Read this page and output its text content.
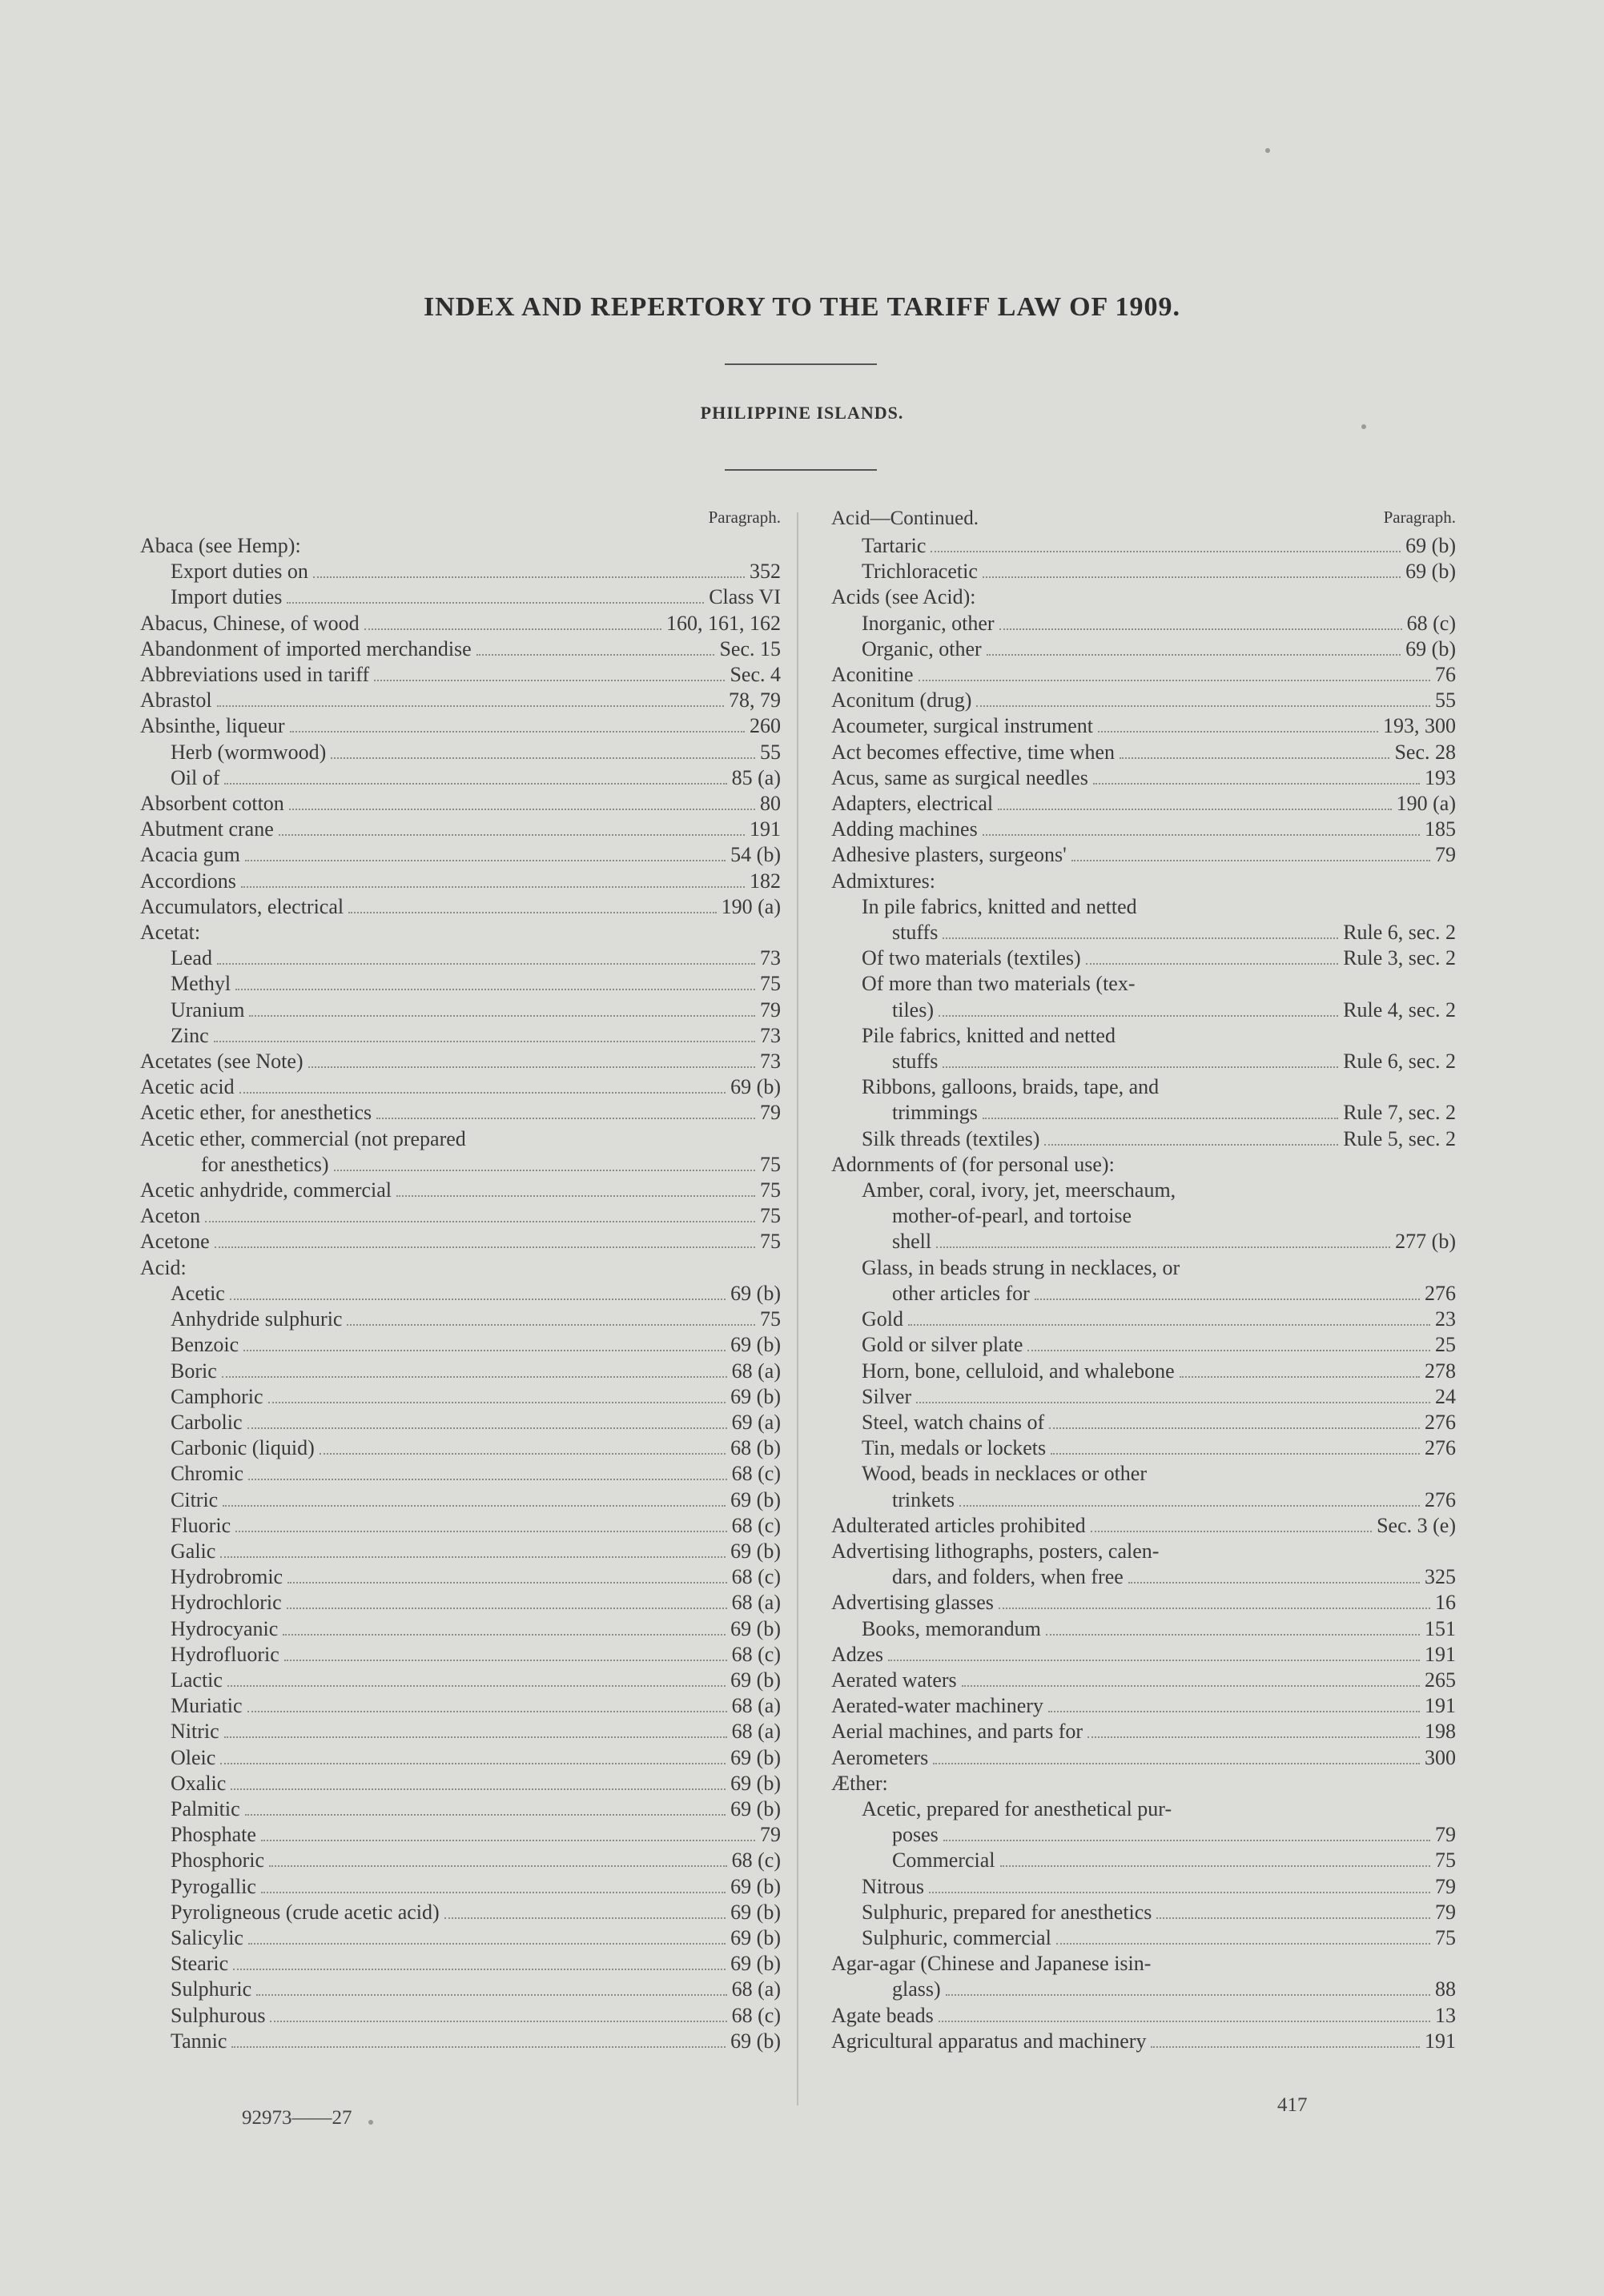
INDEX AND REPERTORY TO THE TARIFF LAW OF 1909.
PHILIPPINE ISLANDS.
Paragraph.
Abaca (see Hemp):
Export duties on	352
Import duties	Class VI
Abacus, Chinese, of wood	160, 161, 162
Abandonment of imported merchandise	Sec. 15
Abbreviations used in tariff	Sec. 4
Abrastol	78, 79
Absinthe, liqueur	260
Herb (wormwood)	55
Oil of	85 (a)
Absorbent cotton	80
Abutment crane	191
Acacia gum	54 (b)
Accordions	182
Accumulators, electrical	190 (a)
Acetat:
Lead	73
Methyl	75
Uranium	79
Zinc	73
Acetates (see Note)	73
Acetic acid	69 (b)
Acetic ether, for anesthetics	79
Acetic ether, commercial (not prepared
for anesthetics)	75
Acetic anhydride, commercial	75
Aceton	75
Acetone	75
Acid:
Acetic	69 (b)
Anhydride sulphuric	75
Benzoic	69 (b)
Boric	68 (a)
Camphoric	69 (b)
Carbolic	69 (a)
Carbonic (liquid)	68 (b)
Chromic	68 (c)
Citric	69 (b)
Fluoric	68 (c)
Galic	69 (b)
Hydrobromic	68 (c)
Hydrochloric	68 (a)
Hydrocyanic	69 (b)
Hydrofluoric	68 (c)
Lactic	69 (b)
Muriatic	68 (a)
Nitric	68 (a)
Oleic	69 (b)
Oxalic	69 (b)
Palmitic	69 (b)
Phosphate	79
Phosphoric	68 (c)
Pyrogallic	69 (b)
Pyroligneous (crude acetic acid)	69 (b)
Salicylic	69 (b)
Stearic	69 (b)
Sulphuric	68 (a)
Sulphurous	68 (c)
Tannic	69 (b)
Acid—Continued.	Paragraph.
Tartaric	69 (b)
Trichloracetic	69 (b)
Acids (see Acid):
Inorganic, other	68 (c)
Organic, other	69 (b)
Aconitine	76
Aconitum (drug)	55
Acoumeter, surgical instrument	193, 300
Act becomes effective, time when	Sec. 28
Acus, same as surgical needles	193
Adapters, electrical	190 (a)
Adding machines	185
Adhesive plasters, surgeons'	79
Admixtures:
In pile fabrics, knitted and netted
stuffs	Rule 6, sec. 2
Of two materials (textiles)	Rule 3, sec. 2
Of more than two materials (tex-
tiles)	Rule 4, sec. 2
Pile fabrics, knitted and netted
stuffs	Rule 6, sec. 2
Ribbons, galloons, braids, tape, and
trimmings	Rule 7, sec. 2
Silk threads (textiles)	Rule 5, sec. 2
Adornments of (for personal use):
Amber, coral, ivory, jet, meerschaum,
mother-of-pearl, and tortoise
shell	277 (b)
Glass, in beads strung in necklaces, or
other articles for	276
Gold	23
Gold or silver plate	25
Horn, bone, celluloid, and whalebone	278
Silver	24
Steel, watch chains of	276
Tin, medals or lockets	276
Wood, beads in necklaces or other
trinkets	276
Adulterated articles prohibited	Sec. 3 (e)
Advertising lithographs, posters, calen-
dars, and folders, when free	325
Advertising glasses	16
Books, memorandum	151
Adzes	191
Aerated waters	265
Aerated-water machinery	191
Aerial machines, and parts for	198
Aerometers	300
Æther:
Acetic, prepared for anesthetical pur-
poses	79
Commercial	75
Nitrous	79
Sulphuric, prepared for anesthetics	79
Sulphuric, commercial	75
Agar-agar (Chinese and Japanese isin-
glass)	88
Agate beads	13
Agricultural apparatus and machinery	191
92973——27
417
